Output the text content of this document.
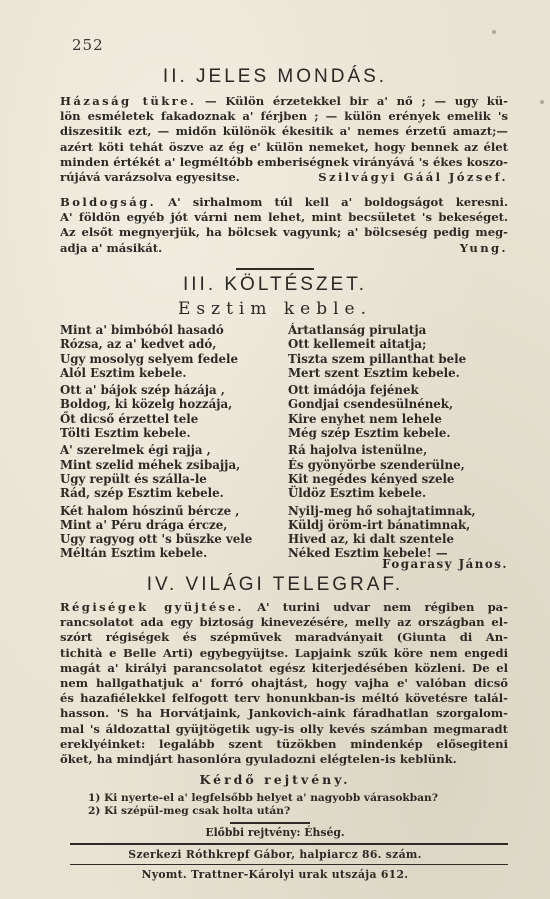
252
II. JELES MONDÁS.
Házaság tükre. — Külön érzetekkel bir a' nő ; — ugy kü-
lön esméletek fakadoznak a' férjben ; — külön erények emelik 's
diszesitik ezt, — midőn különök ékesitik a' nemes érzetű amazt;—
azért köti tehát öszve az ég e' külön nemeket, hogy bennek az élet
minden értékét a' legméltóbb emberiségnek virányává 's ékes koszo-
rújává varázsolva egyesitse.	Szilvágyi Gáál József.
Boldogság. A' sirhalmom túl kell a' boldogságot keresni.
A' földön egyéb jót várni nem lehet, mint becsületet 's bekeséget.
Az elsőt megnyerjük, ha bölcsek vagyunk; a' bölcseség pedig meg-
adja a' másikát.	Yung.
III. KÖLTÉSZET.
Esztim keble.
Mint a' bimbóból hasadó
Rózsa, az a' kedvet adó,
Ugy mosolyg selyem fedele
Alól Esztim kebele.
Ott a' bájok szép házája ,
Boldog, ki közelg hozzája,
Őt dicső érzettel tele
Tölti Esztim kebele.
A' szerelmek égi rajja ,
Mint szelid méhek zsibajja,
Ugy repült és szálla-le
Rád, szép Esztim kebele.
Két halom hószinű bércze ,
Mint a' Péru drága ércze,
Ugy ragyog ott 's büszke vele
Méltán Esztim kebele.
Ártatlanság pirulatja
Ott kellemeit aitatja;
Tiszta szem pillanthat bele
Mert szent Esztim kebele.
Ott imádója fejének
Gondjai csendesülnének,
Kire enyhet nem lehele
Még szép Esztim kebele.
Rá hajolva istenülne,
És gyönyörbe szenderülne,
Kit negédes kényed szele
Üldöz Esztim kebele.
Nyilj-meg hő sohajtatimnak,
Küldj öröm-irt bánatimnak,
Hived az, ki dalt szentele
Néked Esztim kebele! —
Fogarasy János.
IV. VILÁGI TELEGRAF.
Régiségek gyüjtése. A' turini udvar nem régiben pa-
rancsolatot ada egy biztoság kinevezésére, melly az országban el-
szórt régiségek és szépművek maradványait (Giunta di An-
tichità e Belle Arti) egybegyüjtse. Lapjaink szűk köre nem engedi
magát a' királyi parancsolatot egész kiterjedésében közleni. De el
nem hallgathatjuk a' forró ohajtást, hogy vajha e' valóban dicső
és hazafiélekkel felfogott terv honunkban-is méltó követésre talál-
hasson. 'S ha Horvátjaink, Jankovich-aink fáradhatlan szorgalom-
mal 's áldozattal gyüjtögetik ugy-is olly kevés számban megmaradt
ereklyéinket: legalább szent tüzökben mindenkép elősegiteni
őket, ha mindjárt hasonlóra gyuladozni elégtelen-is keblünk.
Kérdő rejtvény.
1) Ki nyerte-el a' legfelsőbb helyet a' nagyobb várasokban?
2) Ki szépül-meg csak holta után?
Előbbi rejtvény: Éhség.
Szerkezi Róthkrepf Gábor, halpiarcz 86. szám.
Nyomt. Trattner-Károlyi urak utszája 612.
